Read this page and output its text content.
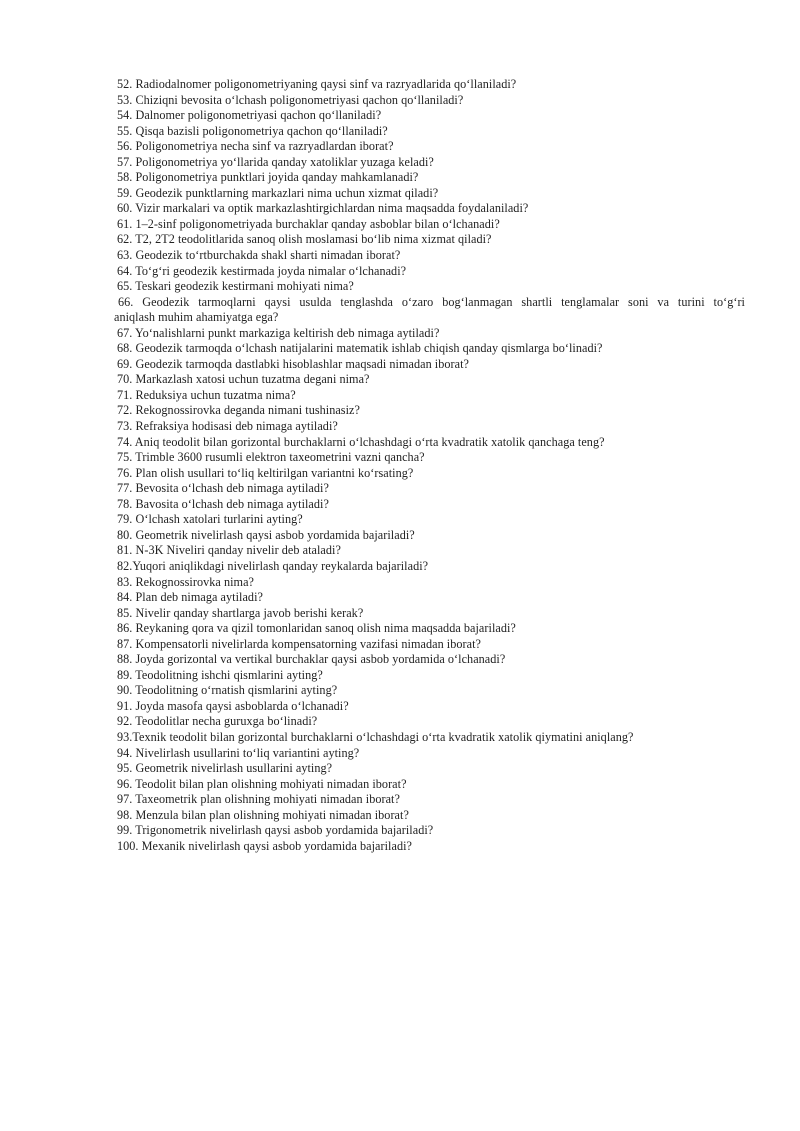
52. Radiodalnomer poligonometriyaning qaysi sinf va razryadlarida qo‘llaniladi?
53. Chiziqni bevosita o‘lchash poligonometriyasi qachon qo‘llaniladi?
54. Dalnomer poligonometriyasi qachon qo‘llaniladi?
55. Qisqa bazisli poligonometriya qachon qo‘llaniladi?
56. Poligonometriya necha sinf va razryadlardan iborat?
57. Poligonometriya yo‘llarida qanday xatoliklar yuzaga keladi?
58. Poligonometriya punktlari joyida qanday mahkamlanadi?
59. Geodezik punktlarning markazlari nima uchun xizmat qiladi?
60. Vizir markalari va optik markazlashtirgichlardan nima maqsadda foydalaniladi?
61. 1–2-sinf poligonometriyada burchaklar qanday asboblar bilan o‘lchanadi?
62. T2, 2T2 teodolitlarida sanoq olish moslamasi bo‘lib nima xizmat qiladi?
63. Geodezik to‘rtburchakda shakl sharti nimadan iborat?
64. To‘g‘ri geodezik kestirmada joyda nimalar o‘lchanadi?
65. Teskari geodezik kestirmani mohiyati nima?
66. Geodezik tarmoqlarni qaysi usulda tenglashda o‘zaro bog‘lanmagan shartli tenglamalar soni va turini to‘g‘ri
aniqlash muhim ahamiyatga ega?
67. Yo‘nalishlarni punkt markaziga keltirish deb nimaga aytiladi?
68. Geodezik tarmoqda o‘lchash natijalarini matematik ishlab chiqish qanday qismlarga bo‘linadi?
69. Geodezik tarmoqda dastlabki hisoblashlar maqsadi nimadan iborat?
70. Markazlash xatosi uchun tuzatma degani nima?
71. Reduksiya uchun tuzatma nima?
72. Rekognossirovka deganda nimani tushinasiz?
73. Refraksiya hodisasi deb nimaga aytiladi?
74. Aniq teodolit bilan gorizontal burchaklarni o‘lchashdagi o‘rta kvadratik xatolik qanchaga teng?
75. Trimble 3600 rusumli elektron taxeometrini vazni qancha?
76. Plan olish usullari to‘liq keltirilgan variantni ko‘rsating?
77. Bevosita o‘lchash deb nimaga aytiladi?
78. Bavosita o‘lchash deb nimaga aytiladi?
79. O‘lchash xatolari turlarini ayting?
80. Geometrik nivelirlash qaysi asbob yordamida bajariladi?
81. N-3K Niveliri qanday nivelir deb ataladi?
82.Yuqori aniqlikdagi nivelirlash qanday reykalarda bajariladi?
83. Rekognossirovka nima?
84. Plan deb nimaga aytiladi?
85. Nivelir qanday shartlarga javob berishi kerak?
86. Reykaning qora va qizil tomonlaridan sanoq olish nima maqsadda bajariladi?
87. Kompensatorli nivelirlarda kompensatorning vazifasi nimadan iborat?
88. Joyda gorizontal va vertikal burchaklar qaysi asbob yordamida o‘lchanadi?
89. Teodolitning ishchi qismlarini ayting?
90. Teodolitning o‘rnatish qismlarini ayting?
91. Joyda masofa qaysi asboblarda o‘lchanadi?
92. Teodolitlar necha guruxga bo‘linadi?
93.Texnik teodolit bilan gorizontal burchaklarni o‘lchashdagi o‘rta kvadratik xatolik qiymatini aniqlang?
94. Nivelirlash usullarini to‘liq variantini ayting?
95. Geometrik nivelirlash usullarini ayting?
96. Teodolit bilan plan olishning mohiyati nimadan iborat?
97. Taxeometrik plan olishning mohiyati nimadan iborat?
98. Menzula bilan plan olishning mohiyati nimadan iborat?
99. Trigonometrik nivelirlash qaysi asbob yordamida bajariladi?
100. Mexanik nivelirlash qaysi asbob yordamida bajariladi?
